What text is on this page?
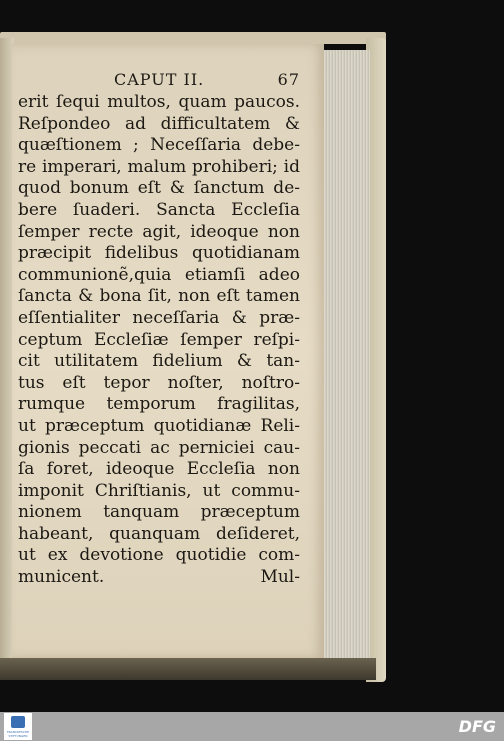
CAPUT II.	67
erit ſequi multos, quam paucos.
Reſpondeo ad difficultatem &
quæſtionem ; Neceſſaria debe-
re imperari, malum prohiberi; id
quod bonum eſt & ſanctum de-
bere ſuaderi. Sancta Eccleſia
ſemper recte agit, ideoque non
præcipit fidelibus quotidianam
communionẽ,quia etiamſi adeo
ſancta & bona ſit, non eſt tamen
eſſentialiter neceſſaria & præ-
ceptum Eccleſiæ ſemper reſpi-
cit utilitatem fidelium & tan-
tus eſt tepor noſter, noſtro-
rumque temporum fragilitas,
ut præceptum quotidianæ Reli-
gionis peccati ac perniciei cau-
ſa foret, ideoque Eccleſia non
imponit Chriſtianis, ut commu-
nionem tanquam præceptum
habeant, quanquam deſideret,
ut ex devotione quotidie com-
municent.	Mul-
FRANCKESCHE STIFTUNGEN	DFG
